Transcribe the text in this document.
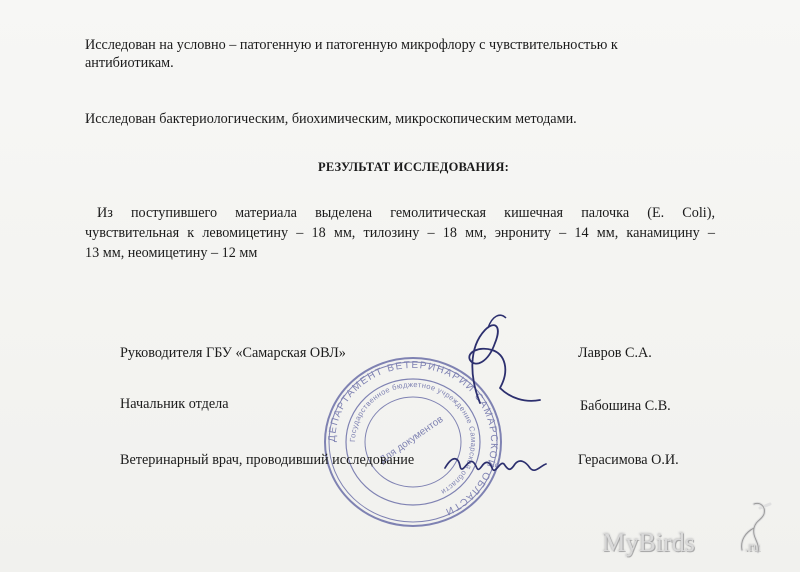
Исследован на условно – патогенную и патогенную микрофлору с чувствительностью к
антибиотикам.
Исследован бактериологическим, биохимическим, микроскопическим методами.
РЕЗУЛЬТАТ ИССЛЕДОВАНИЯ:
Из поступившего материала выделена гемолитическая кишечная палочка (E. Coli),
чувствительная к левомицетину – 18 мм, тилозину – 18 мм, энрониту – 14 мм, канамицину –
13 мм, неомицетину – 12 мм
ДЕПАРТАМЕНТ ВЕТЕРИНАРИИ САМАРСКОЙ ОБЛАСТИ
Государственное бюджетное учреждение Самарской области
Для документов
Руководителя ГБУ «Самарская ОВЛ»	Лавров С.А.
Начальник отдела	Бабошина С.В.
Ветеринарный врач, проводивший исследование	Герасимова О.И.
MyBirds	.ru
